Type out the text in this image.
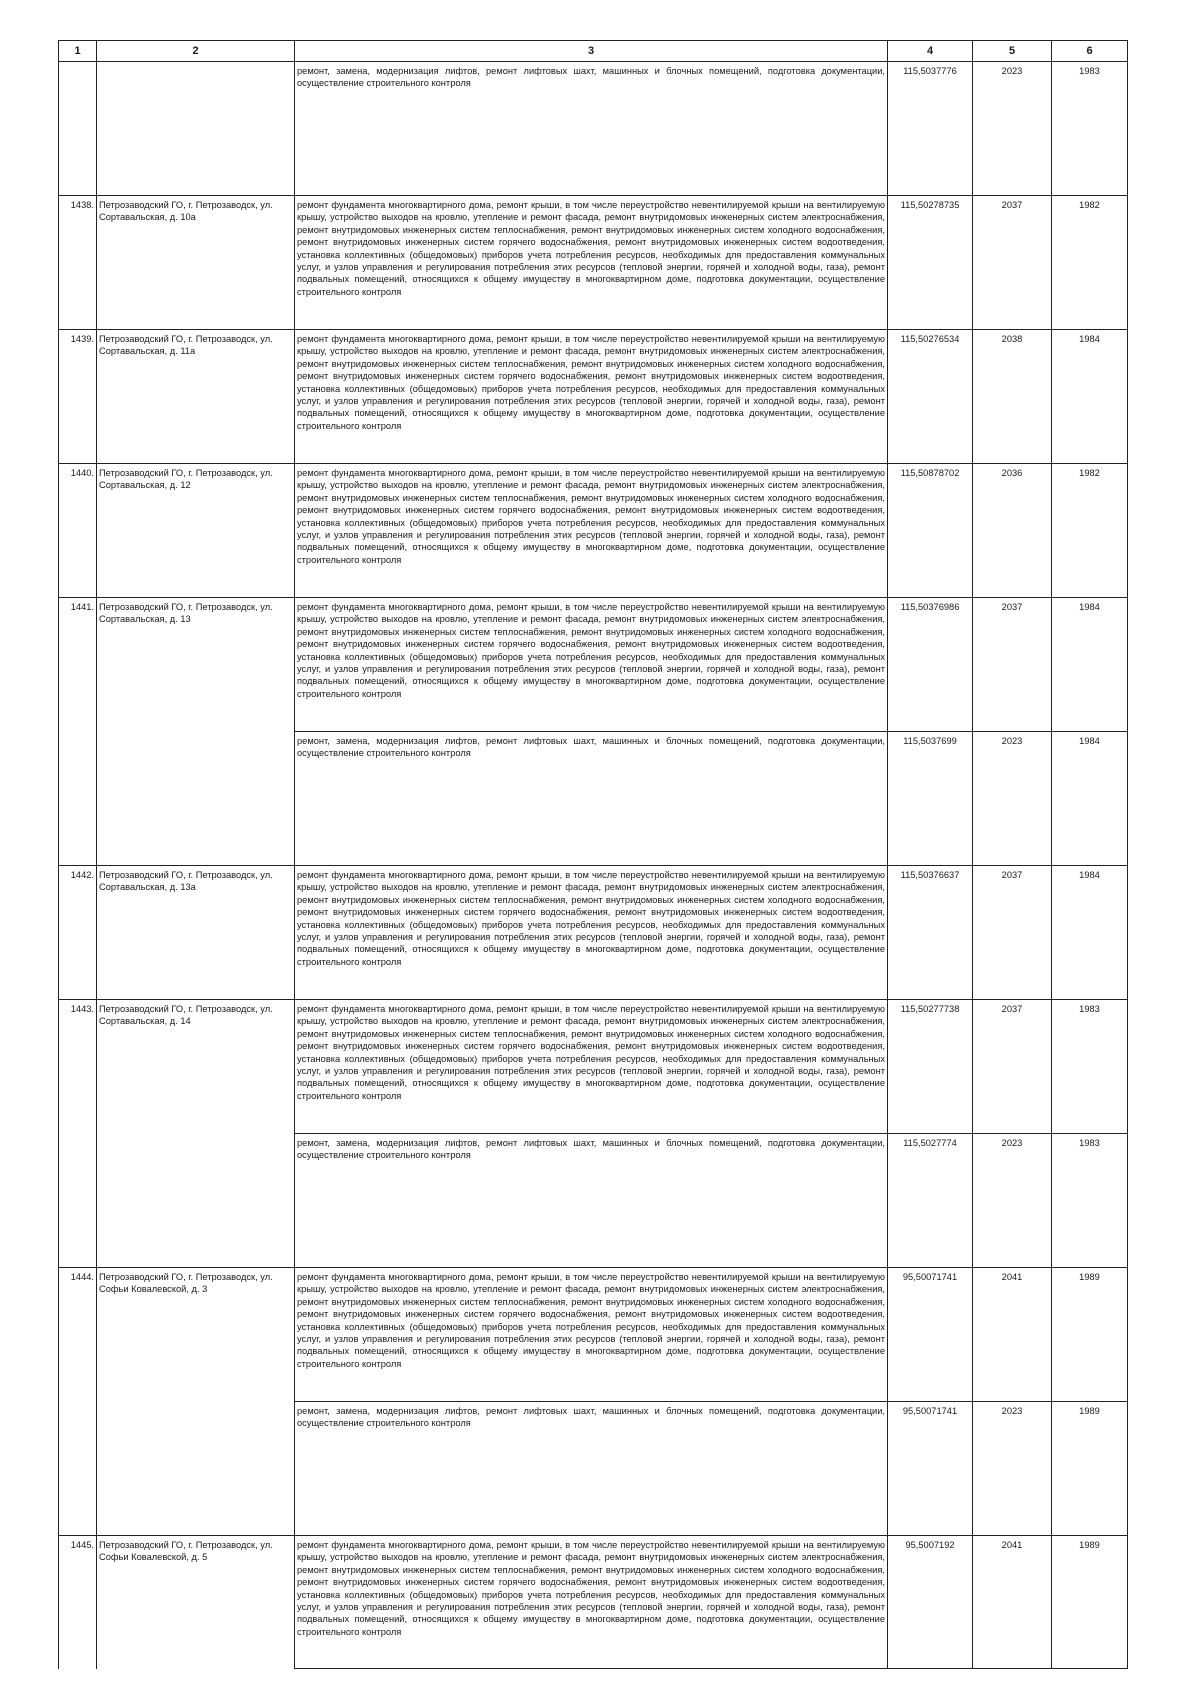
1	2	3	4	5	6
		ремонт, замена, модернизация лифтов, ремонт лифтовых шахт, машинных и блочных помещений, подготовка документации, осуществление строительного контроля	115,5037776	2023	1983
1438.	Петрозаводский ГО, г. Петрозаводск, ул. Сортавальская, д. 10а	ремонт фундамента многоквартирного дома, ремонт крыши, в том числе переустройство невентилируемой крыши на вентилируемую крышу, устройство выходов на кровлю, утепление и ремонт фасада, ремонт внутридомовых инженерных систем электроснабжения, ремонт внутридомовых инженерных систем теплоснабжения, ремонт внутридомовых инженерных систем холодного водоснабжения, ремонт внутридомовых инженерных систем горячего водоснабжения, ремонт внутридомовых инженерных систем водоотведения, установка коллективных (общедомовых) приборов учета потребления ресурсов, необходимых для предоставления коммунальных услуг, и узлов управления и регулирования потребления этих ресурсов (тепловой энергии, горячей и холодной воды, газа), ремонт подвальных помещений, относящихся к общему имуществу в многоквартирном доме, подготовка документации, осуществление строительного контроля	115,50278735	2037	1982
1439.	Петрозаводский ГО, г. Петрозаводск, ул. Сортавальская, д. 11а	ремонт фундамента многоквартирного дома, ремонт крыши, в том числе переустройство невентилируемой крыши на вентилируемую крышу, устройство выходов на кровлю, утепление и ремонт фасада, ремонт внутридомовых инженерных систем электроснабжения, ремонт внутридомовых инженерных систем теплоснабжения, ремонт внутридомовых инженерных систем холодного водоснабжения, ремонт внутридомовых инженерных систем горячего водоснабжения, ремонт внутридомовых инженерных систем водоотведения, установка коллективных (общедомовых) приборов учета потребления ресурсов, необходимых для предоставления коммунальных услуг, и узлов управления и регулирования потребления этих ресурсов (тепловой энергии, горячей и холодной воды, газа), ремонт подвальных помещений, относящихся к общему имуществу в многоквартирном доме, подготовка документации, осуществление строительного контроля	115,50276534	2038	1984
1440.	Петрозаводский ГО, г. Петрозаводск, ул. Сортавальская, д. 12	ремонт фундамента многоквартирного дома, ремонт крыши, в том числе переустройство невентилируемой крыши на вентилируемую крышу, устройство выходов на кровлю, утепление и ремонт фасада, ремонт внутридомовых инженерных систем электроснабжения, ремонт внутридомовых инженерных систем теплоснабжения, ремонт внутридомовых инженерных систем холодного водоснабжения, ремонт внутридомовых инженерных систем горячего водоснабжения, ремонт внутридомовых инженерных систем водоотведения, установка коллективных (общедомовых) приборов учета потребления ресурсов, необходимых для предоставления коммунальных услуг, и узлов управления и регулирования потребления этих ресурсов (тепловой энергии, горячей и холодной воды, газа), ремонт подвальных помещений, относящихся к общему имуществу в многоквартирном доме, подготовка документации, осуществление строительного контроля	115,50878702	2036	1982
1441.	Петрозаводский ГО, г. Петрозаводск, ул. Сортавальская, д. 13	ремонт фундамента многоквартирного дома, ремонт крыши, в том числе переустройство невентилируемой крыши на вентилируемую крышу, устройство выходов на кровлю, утепление и ремонт фасада, ремонт внутридомовых инженерных систем электроснабжения, ремонт внутридомовых инженерных систем теплоснабжения, ремонт внутридомовых инженерных систем холодного водоснабжения, ремонт внутридомовых инженерных систем горячего водоснабжения, ремонт внутридомовых инженерных систем водоотведения, установка коллективных (общедомовых) приборов учета потребления ресурсов, необходимых для предоставления коммунальных услуг, и узлов управления и регулирования потребления этих ресурсов (тепловой энергии, горячей и холодной воды, газа), ремонт подвальных помещений, относящихся к общему имуществу в многоквартирном доме, подготовка документации, осуществление строительного контроля	115,50376986	2037	1984
		ремонт, замена, модернизация лифтов, ремонт лифтовых шахт, машинных и блочных помещений, подготовка документации, осуществление строительного контроля	115,5037699	2023	1984
1442.	Петрозаводский ГО, г. Петрозаводск, ул. Сортавальская, д. 13а	ремонт фундамента многоквартирного дома, ремонт крыши, в том числе переустройство невентилируемой крыши на вентилируемую крышу, устройство выходов на кровлю, утепление и ремонт фасада, ремонт внутридомовых инженерных систем электроснабжения, ремонт внутридомовых инженерных систем теплоснабжения, ремонт внутридомовых инженерных систем холодного водоснабжения, ремонт внутридомовых инженерных систем горячего водоснабжения, ремонт внутридомовых инженерных систем водоотведения, установка коллективных (общедомовых) приборов учета потребления ресурсов, необходимых для предоставления коммунальных услуг, и узлов управления и регулирования потребления этих ресурсов (тепловой энергии, горячей и холодной воды, газа), ремонт подвальных помещений, относящихся к общему имуществу в многоквартирном доме, подготовка документации, осуществление строительного контроля	115,50376637	2037	1984
1443.	Петрозаводский ГО, г. Петрозаводск, ул. Сортавальская, д. 14	ремонт фундамента многоквартирного дома, ремонт крыши, в том числе переустройство невентилируемой крыши на вентилируемую крышу, устройство выходов на кровлю, утепление и ремонт фасада, ремонт внутридомовых инженерных систем электроснабжения, ремонт внутридомовых инженерных систем теплоснабжения, ремонт внутридомовых инженерных систем холодного водоснабжения, ремонт внутридомовых инженерных систем горячего водоснабжения, ремонт внутридомовых инженерных систем водоотведения, установка коллективных (общедомовых) приборов учета потребления ресурсов, необходимых для предоставления коммунальных услуг, и узлов управления и регулирования потребления этих ресурсов (тепловой энергии, горячей и холодной воды, газа), ремонт подвальных помещений, относящихся к общему имуществу в многоквартирном доме, подготовка документации, осуществление строительного контроля	115,50277738	2037	1983
		ремонт, замена, модернизация лифтов, ремонт лифтовых шахт, машинных и блочных помещений, подготовка документации, осуществление строительного контроля	115,5027774	2023	1983
1444.	Петрозаводский ГО, г. Петрозаводск, ул. Софьи Ковалевской, д. 3	ремонт фундамента многоквартирного дома, ремонт крыши, в том числе переустройство невентилируемой крыши на вентилируемую крышу, устройство выходов на кровлю, утепление и ремонт фасада, ремонт внутридомовых инженерных систем электроснабжения, ремонт внутридомовых инженерных систем теплоснабжения, ремонт внутридомовых инженерных систем холодного водоснабжения, ремонт внутридомовых инженерных систем горячего водоснабжения, ремонт внутридомовых инженерных систем водоотведения, установка коллективных (общедомовых) приборов учета потребления ресурсов, необходимых для предоставления коммунальных услуг, и узлов управления и регулирования потребления этих ресурсов (тепловой энергии, горячей и холодной воды, газа), ремонт подвальных помещений, относящихся к общему имуществу в многоквартирном доме, подготовка документации, осуществление строительного контроля	95,50071741	2041	1989
		ремонт, замена, модернизация лифтов, ремонт лифтовых шахт, машинных и блочных помещений, подготовка документации, осуществление строительного контроля	95,50071741	2023	1989
1445.	Петрозаводский ГО, г. Петрозаводск, ул. Софьи Ковалевской, д. 5	ремонт фундамента многоквартирного дома, ремонт крыши, в том числе переустройство невентилируемой крыши на вентилируемую крышу, устройство выходов на кровлю, утепление и ремонт фасада, ремонт внутридомовых инженерных систем электроснабжения, ремонт внутридомовых инженерных систем теплоснабжения, ремонт внутридомовых инженерных систем холодного водоснабжения, ремонт внутридомовых инженерных систем горячего водоснабжения, ремонт внутридомовых инженерных систем водоотведения, установка коллективных (общедомовых) приборов учета потребления ресурсов, необходимых для предоставления коммунальных услуг, и узлов управления и регулирования потребления этих ресурсов (тепловой энергии, горячей и холодной воды, газа), ремонт подвальных помещений, относящихся к общему имуществу в многоквартирном доме, подготовка документации, осуществление строительного контроля	95,5007192	2041	1989
